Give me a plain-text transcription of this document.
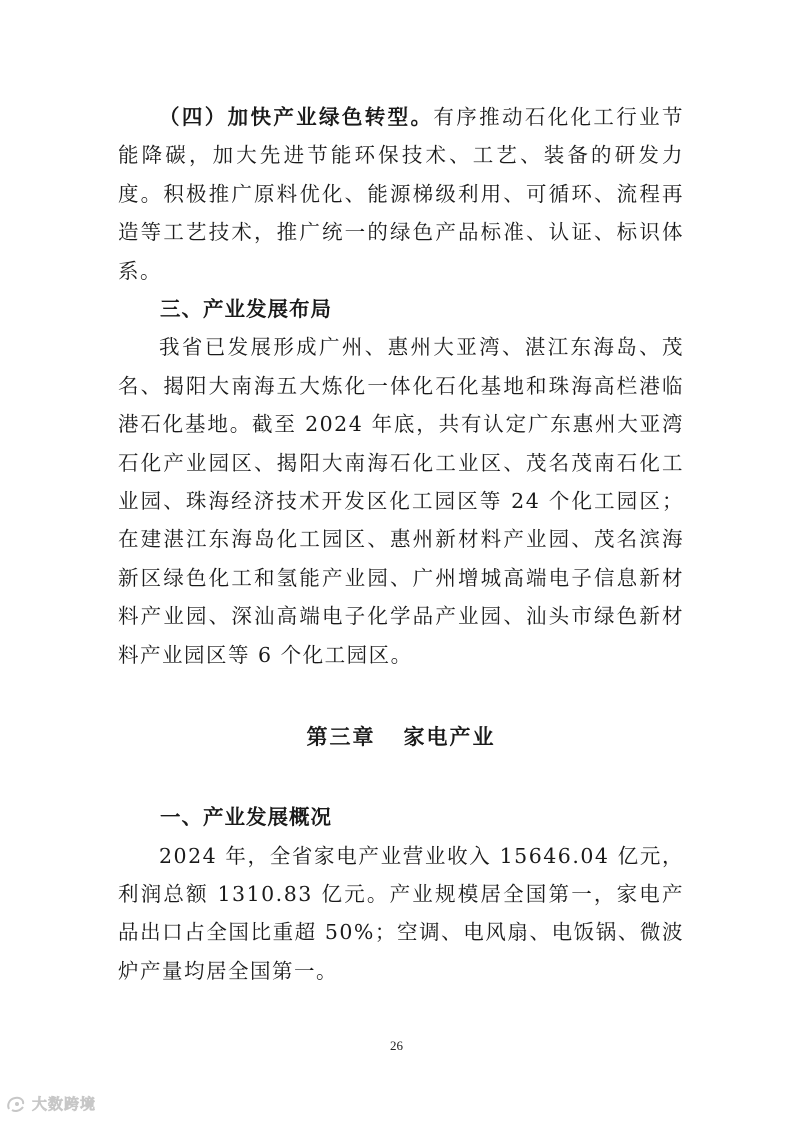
（四）加快产业绿色转型。有序推动石化化工行业节能降碳，加大先进节能环保技术、工艺、装备的研发力度。积极推广原料优化、能源梯级利用、可循环、流程再造等工艺技术，推广统一的绿色产品标准、认证、标识体系。

三、产业发展布局

我省已发展形成广州、惠州大亚湾、湛江东海岛、茂名、揭阳大南海五大炼化一体化石化基地和珠海高栏港临港石化基地。截至 2024 年底，共有认定广东惠州大亚湾石化产业园区、揭阳大南海石化工业区、茂名茂南石化工业园、珠海经济技术开发区化工园区等 24 个化工园区；在建湛江东海岛化工园区、惠州新材料产业园、茂名滨海新区绿色化工和氢能产业园、广州增城高端电子信息新材料产业园、深汕高端电子化学品产业园、汕头市绿色新材料产业园区等 6 个化工园区。

第三章   家电产业

一、产业发展概况

2024 年，全省家电产业营业收入 15646.04 亿元，利润总额 1310.83 亿元。产业规模居全国第一，家电产品出口占全国比重超 50%；空调、电风扇、电饭锅、微波炉产量均居全国第一。

26
大数跨境
